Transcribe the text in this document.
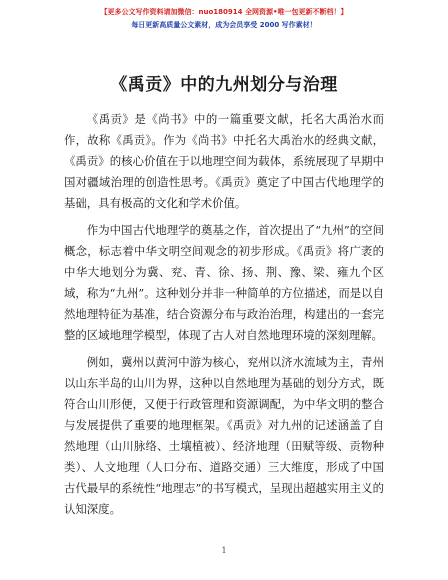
【更多公文写作资料请加微信：nuo180914 全网资源•唯一包更新不断档！】
每日更新高质量公文素材，成为会员享受 2000 写作素材！
《禹贡》中的九州划分与治理

《禹贡》是《尚书》中的一篇重要文献，托名大禹治水而作，故称《禹贡》。作为《尚书》中托名大禹治水的经典文献，《禹贡》的核心价值在于以地理空间为载体，系统展现了早期中国对疆域治理的创造性思考。《禹贡》奠定了中国古代地理学的基础，具有极高的文化和学术价值。

作为中国古代地理学的奠基之作，首次提出了“九州”的空间概念，标志着中华文明空间观念的初步形成。《禹贡》将广袤的中华大地划分为冀、兖、青、徐、扬、荆、豫、梁、雍九个区域，称为“九州”。这种划分并非一种简单的方位描述，而是以自然地理特征为基准，结合资源分布与政治治理，构建出的一套完整的区域地理学模型，体现了古人对自然地理环境的深刻理解。

例如，冀州以黄河中游为核心，兖州以济水流域为主，青州以山东半岛的山川为界，这种以自然地理为基础的划分方式，既符合山川形便，又便于行政管理和资源调配，为中华文明的整合与发展提供了重要的地理框架。《禹贡》对九州的记述涵盖了自然地理（山川脉络、土壤植被）、经济地理（田赋等级、贡物种类）、人文地理（人口分布、道路交通）三大维度，形成了中国古代最早的系统性“地理志”的书写模式，呈现出超越实用主义的认知深度。

1
